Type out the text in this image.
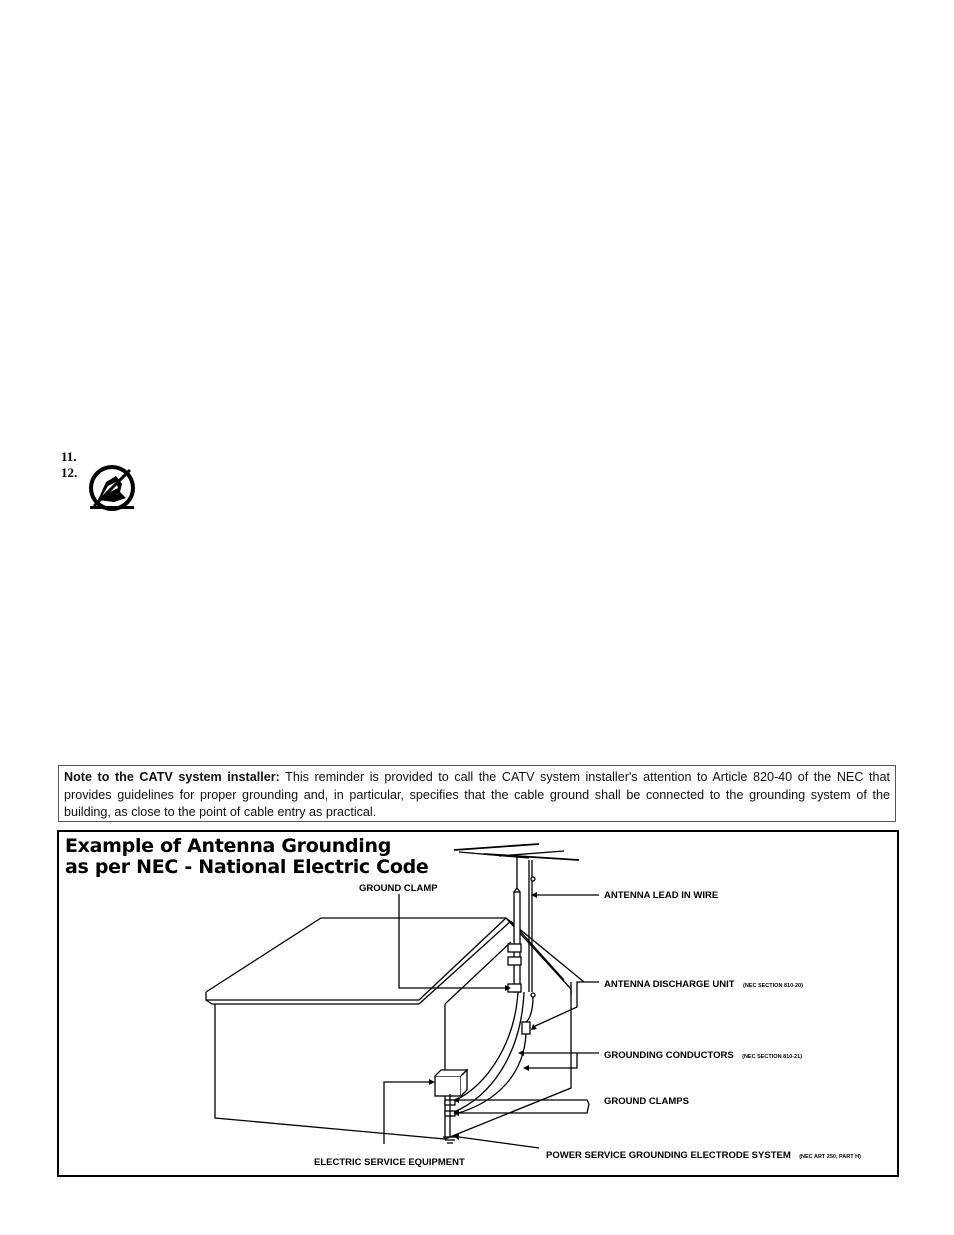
11.
12.
Note to the CATV system installer: This reminder is provided to call the CATV system installer's attention to Article 820-40 of the NEC that provides guidelines for proper grounding and, in particular, specifies that the cable ground shall be connected to the grounding system of the building, as close to the point of cable entry as practical.
GROUND CLAMP
ANTENNA LEAD IN WIRE
ANTENNA DISCHARGE UNIT (NEC SECTION 810-20)
GROUNDING CONDUCTORS (NEC SECTION 810-21)
GROUND CLAMPS
ELECTRIC SERVICE EQUIPMENT
POWER SERVICE GROUNDING ELECTRODE SYSTEM (NEC ART 250, PART H)
Example of Antenna Grounding
as per NEC - National Electric Code
